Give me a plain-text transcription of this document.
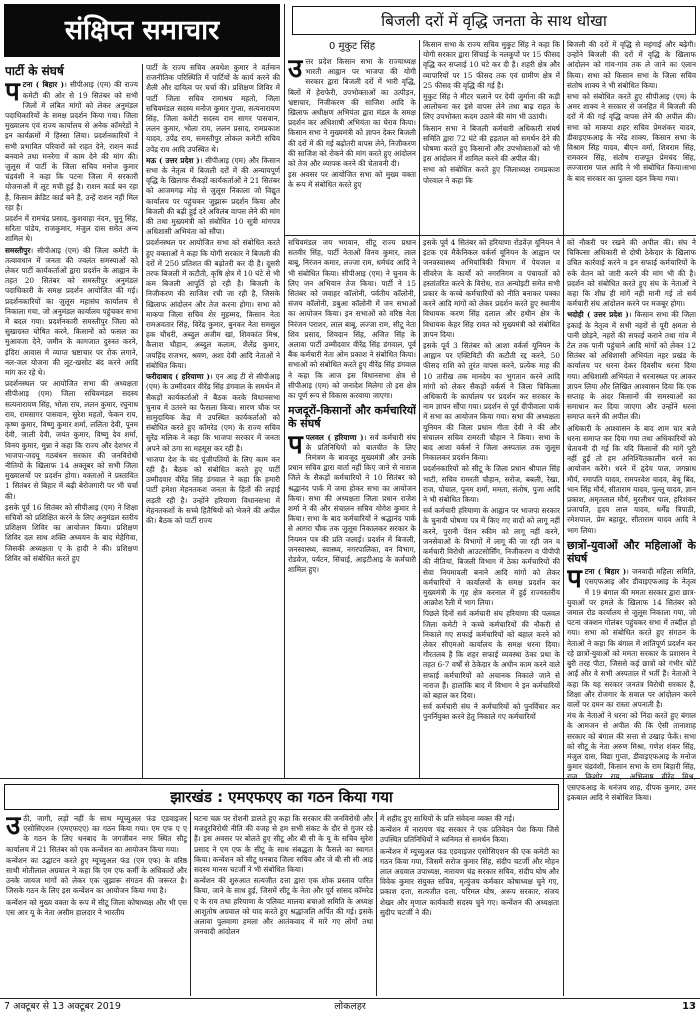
संक्षिप्त समाचार	बिजली दरों में वृद्धि जनता के साथ धोखा
पार्टी के संघर्ष

पटना ( बिहार )। सीपीआइ (एम) की राज्य कमेटी की ओर से 19 सितंबर को सभी जिलों में लंबित मांगों को लेकर अनुमंडल पदाधिकारियों के समक्ष प्रदर्शन किया गया। जिला मुख्यालय एवं राज्य कार्यालय से अनेक कॉमरेडों ने इन कार्यक्रमों में हिस्सा लिया। प्रदर्शनकारियों ने सभी प्रभावित परिवारों को राहत देने, राशन कार्ड बनवाने तथा मनरेगा में काम देने की मांग की। जुलूस में पार्टी के जिला सचिव मनोज कुमार चंद्रवंशी ने कहा कि पटना जिला में सरकारी योजनाओं में लूट मची हुई है। राशन कार्ड बन रहा है, किसान क्रेडिट कार्ड बने हैं, उन्हें राशन नहीं मिल रहा है।

प्रदर्शन में रामचंद्र प्रसाद, कुशवाहा नंदन, चुनू सिंह, सरिता पांडेय, राजकुमार, मंजुल दास समेत अन्य शामिल थे।

समस्तीपुर। सीपीआइ (एम) की जिला कमेटी के तत्वावधान में जनता की ज्वलंत समस्याओं को लेकर पार्टी कार्यकर्ताओं द्वारा प्रदर्शन के आह्वान के तहत 20 सितंबर को समस्तीपुर अनुमंडल पदाधिकारी के समक्ष प्रदर्शन आयोजित की गई। प्रदर्शनकारियों का जुलूस महासंघ कार्यालय से निकाला गया, जो अनुमंडल कार्यालय पहुंचकर सभा में बदल गया। प्रदर्शनकारी समस्तीपुर जिला को सुखाग्रस्त घोषित करने, किसानों को फसल का मुआवजा देने, जमीन के कागजात दुरुस्त करने, इंदिरा आवास में व्याप्त भ्रष्टाचार पर रोक लगाने, नल-जल योजना की लूट-खसोट बंद करने आदि मांग कर रहे थे।

प्रदर्शनस्थल पर आयोजित सभा की अध्यक्षता सीपीआइ (एम) जिला सचिवमंडल सदस्य सत्यनारायण सिंह, भोला राय, ललन कुमार, रघुनाथ राय, रामसागर पासवान, सुरेश महतो, फेकन राय, कृष्ण कुमार, विष्णु कुमार शर्मा, ललिता देवी, पूनम देवी, जाली देवी, जयंत कुमार, विष्णु देव शर्मा, विनय कुमार, मुन्ना ने कहा कि राज्य और देशभर में भाजपा-जदयू गठबंधन सरकार की जनविरोधी नीतियों के खिलाफ 14 अक्तूबर को सभी जिला मुख्यालयों पर प्रदर्शन होगा। वक्ताओं ने प्रस्तावित 1 सितंबर से बिहार में बढ़ी बेरोजगारी पर भी चर्चा की।

इसके पूर्व 16 सितंबर को सीपीआइ (एम) ने शिक्षा सचिवों को प्रशिक्षित करने के लिए अनुमंडल स्तरीय प्रशिक्षण शिविर का आयोजन किया। प्रशिक्षण शिविर दल साथ शक्ति अध्ययन के बाद मेहेगिवा, जिसकी अध्यक्षता ए के हादी ने की। प्रशिक्षण शिविर को संबोधित करते हुए

पार्टी के राज्य सचिव अवधेश कुमार ने वर्तमान राजनीतिक परिस्थिति में पार्टियों के कार्य करने की शैली और दायित्व पर चर्चा की। प्रशिक्षण शिविर में पार्टी जिला सचिव रामाश्रय महतो, जिला सचिवमंडल सदस्य मनोज कुमार गुप्ता, सत्यनारायण सिंह, जिला कमेटी सदस्य राम सागर पासवान, ललन कुमार, भोला राय, ललन प्रसाद, रामप्रकाश यादव, उपेंद्र राय, समस्तीपुर लोकल कमेटी सचिव उपेंद्र राय आदि उपस्थित थे।

मऊ ( उत्तर प्रदेश )। सीपीआइ (एम) और किसान सभा के नेतृत्व में बिजली दरों में की अन्यायपूर्ण वृद्धि के खिलाफ सैकड़ों कार्यकर्ताओं ने 21 सितंबर को आजमगढ़ मोड़ से जुलूस निकाला जो विद्युत कार्यालय पर पहुंचकर जुझारू प्रदर्शन किया और बिजली की बढ़ी हुई दरें अविलंब वापस लेने की मांग की तथा मुख्यमंत्री को संबोधित 10 सूत्री मांगपत्र अधिशासी अभियंता को सौंपा।

प्रदर्शनस्थल पर आयोजित सभा को संबोधित करते हुए वक्ताओं ने कहा कि योगी सरकार ने बिजली की दरों में 250 प्रतिशत की बढ़ोतरी कर दी है। दूसरी तरफ बिजली में कटौती, कृषि क्षेत्र में 10 घंटे से भी कम बिजली आपूर्ति हो रही है। बिजली के निजीकरण की साजिश रची जा रही है, जिसके खिलाफ आंदोलन और तेज करना होगा। सभा को माकपा जिला सचिव शेर मुहम्मद, किसान नेता रामअवतार सिंह, विरेंद्र कुमार, बुनकर नेता समसुल हक चौधरी, अब्दुल अजीम खां, शिवकांत मिश्र, कैलाश चौहान, अब्दुल कलाम, शैलेंद्र कुमार, जयहिंद राजभर, श्रवण, अशा देवी आदि नेताओं ने संबोधित किया।

फरीदाबाद ( हरियाणा )। एन आइ टी से सीपीआइ (एम) के उम्मीदवार वीरेंद्र सिंह डंगवाल के समर्थन में सैकड़ों कार्यकर्ताओं ने बैठक करके विधानसभा चुनाव में उतरने का फैसला किया। सारण चौक पर सामुदायिक केंद्र में उपस्थित कार्यकर्ताओं को संबोधित करते हुए कॉमरेड (एम) के राज्य सचिव सुरेंद्र मलिक ने कहा कि भाजपा सरकार में जनता अपने को ठगा सा महसूस कर रही है।

भाजपा देश के चंद पूंजीपतियों के लिए काम कर रही है। बैठक को संबोधित करते हुए पार्टी उम्मीदवार वीरेंद्र सिंह डंगवाल ने कहा कि हमारी पार्टी हमेशा मेहनतकश जनता के हितों की लड़ाई लड़ती रही है। उन्होंने हरियाणा विधानसभा में मेहनतकशों के सच्चे हितैषियों को भेजने की अपील की। बैठक को पार्टी राज्य

0 मुकुट सिंह

उत्तर प्रदेश किसान सभा के राज्याध्यक्ष भारती आह्वान पर भाजपा की योगी सरकार द्वारा बिजली दरों में भारी वृद्धि, बिलों में हेराफेरी, उपभोक्ताओं का उत्पीड़न, भ्रष्टाचार, निजीकरण की साजिश आदि के खिलाफ अधीक्षण अभियंता द्वारा मंडल के समक्ष प्रदर्शन कर अधिशाषी अभियंता का घेराव किया। किसान सभा ने मुख्यमंत्री को ज्ञापन देकर बिजली की दरों में की गई बढ़ोतरी वापस लेने, निजीकरण की साजिश को रोकने की मांग करते हुए आंदोलन को तेज और व्यापक करने की चेतावनी दी।

इस अवसर पर आयोजित सभा को मुख्य वक्ता के रूप में संबोधित करते हुए

किसान सभा के राज्य सचिव मुकुट सिंह ने कहा कि योगी सरकार द्वारा सिंचाई के नलकूपों पर 15 फीसद वृद्धि कर सप्लाई 10 घंटे कर दी है। शहरी क्षेत्र और व्यापारियों पर 15 फीसद तक एवं ग्रामीण क्षेत्र में 25 फीसद की वृद्धि की गई है।

मुकुट सिंह ने मीटर चलाने पर देयी जुर्माना की कड़ी आलोचना कर इसे वापस लेने तथा बाढ़ राहत के लिए उपभोक्ता कदम उठाने की मांग भी उठायी।

किसान सभा ने बिजली कर्मचारी अधिकारी संघर्ष समिति द्वारा 72 घंटे की हड़ताल को समर्थन देने की घोषणा करते हुए किसानों और उपभोक्ताओं को भी इस आंदोलन में शामिल करने की अपील की।

सभा को संबोधित करते हुए जिलाध्यक्ष रामप्रकाश पोरवाल ने कहा कि

बिजली की दरों में वृद्धि से महंगाई और बढ़ेगी। उन्होंने बिजली की दरों में वृद्धि के खिलाफ आंदोलन को गांव-गांव तक ले जाने का एलान किया। सभा को किसान सभा के जिला सचिव संतोष शाक्य ने भी संबोधित किया।

सभा को संबोधित करते हुए सीपीआइ (एम) के अमर शाक्य ने सरकार से जनहित में बिजली की दरों में की गई वृद्धि वापस लेने की अपील की। सभा को माकपा शहर सचिव प्रेमशंकर यादव, डीवाइएफआइ के नरेंद्र शाक्य, किसान सभा के विश्राम सिंह यादव, बीएन वर्मा, शिवराम सिंह, रामवरन सिंह, संतोष राजपूत प्रेमचंद सिंह, लज्जाराम पाल आदि ने भी संबोधित किया।सभा के बाद सरकार का पुतला दहन किया गया।

सचिवमंडल जय भगवान, सीटू राज्य प्रधान सतवीर सिंह, पार्टी नेताओं विनय कुमार, लाल बाबू, निरंजन कमार, लज्जा राम, धर्मचंद आदि ने भी संबोधित किया। सीपीआइ (एम) ने चुनाव के लिए जन अभियान तेज किया। पार्टी ने 15 सितंबर को जवाहर कॉलोनी, पर्वतीय कॉलोनी, संजय कॉलोनी, डबुआ कॉलोनी में जन सभाओं का आयोजन किया। इन सभाओं को वरिष्ठ नेता निरंजन पराशर, लाल बाबू, लज्जा राम, सीटू नेता शिव प्रसाद, शिवदान सिंह, अजित सिंह के अलावा पार्टी उम्मीदवार वीरेंद्र सिंह डंगवाल, पूर्व बैंक कर्मचारी नेता ओम प्रकाश ने संबोधित किया। सभाओं को संबोधित करते हुए वीरेंद्र सिंह डंगवाल ने कहा कि आज इस विधानसभा क्षेत्र से सीपीआइ (एम) को जनादेश मिलेगा तो इस क्षेत्र का पूर्ण रूप से विकास करवाया जाएगा।

मजदूरों-किसानों और कर्मचारियों के संघर्ष

पपलवल ( हरियाणा )। सर्व कर्मचारी संघ के प्रतिनिधियों को बातचीत के लिए निमंत्रण के बावजूद मुख्यमंत्री और उनके प्रधान सचिव द्वारा वार्ता नहीं किए जाने से नाराज जिले के सैकड़ों कर्मचारियों ने 10 सितंबर को श्रद्धानंद पार्क में जमा होकर सभा का आयोजन किया। सभा की अध्यक्षता जिला प्रधान राजेश शर्मा ने की और संचालन सचिव योगेश कुमार ने किया। सभा के बाद कर्मचारियों ने श्रद्धानंद पार्क से आगरा चौक तक जुलूस निकालकर सरकार के नियमन पत्र की प्रति जलाई। प्रदर्शन में बिजली, जनस्वास्थ्य, स्वास्थ्य, नगरपालिका, वन विभाग, रोडवेज, पर्यटन, सिंचाई, आइटीआइ के कर्मचारी शामिल हुए।

इसके पूर्व 4 सितंबर को हरियाणा रोडवेज़ यूनियन ने इंटक एवं मैकेनिकल वर्कर्स यूनियन के आह्वान पर जनवस्वास्थ्य अभियांत्रिकी विभाग में पेयजल व सीवरेज के कार्यों को नगरनिगम व पंचायतों को हस्तांतरित करने के विरोध, रात अन्योइटी समेत सभी प्रकार के कच्चे कर्मचारियों को नीति बनाकर पक्का करने आदि मांगों को लेकर प्रदर्शन करते हुए स्थानीय विधायक करण सिंह दलाल और हथीन क्षेत्र के विधायक केहर सिंह रावत को मुख्यमंत्री को संबोधित ज्ञापन दिया।

इसके पूर्व 3 सितंबर को आशा वर्कर्स यूनियन के आह्वान पर एक्टिविटी की कटौती रद्द करने, 50 फीसद राशि को तुरंत वापस करने, प्रत्येक माह की 10 तारीख तक मानदेय का भुगतान करने आदि मांगों को लेकर सैकड़ों वर्कर्स ने जिला चिकित्सा अधिकारी के कार्यालय पर प्रदर्शन कर सरकार के नाम ज्ञापन सौंपा गया। प्रदर्शन से पूर्व दीपीवाला पार्क में सभा का आयोजन किया गया। सभा की अध्यक्षता यूनियन की जिला प्रधान गीता देवी ने की और संचालन सचिव रामरती चौहान ने किया। सभा के बाद आशा वर्कर्स ने जिला अस्पताल तक जुलूस निकालकर प्रदर्शन किया।

प्रदर्शनकारियों को सीटू के जिला प्रधान श्रीपाल सिंह भाटी, सचिव रामरती चौहान, सरोज, बबली, रेखा, राज, पोंचाल, पूनम शर्मा, ममता, संतोष, पुजा आदि ने भी संबोधित किया।

सर्व कर्मचारी हरियाणा के आह्वान पर भाजपा सरकार के चुनावी घोषणा पत्र में किए गए वादों को लागू नहीं करने, पुरानी पेंशन स्कीम को लागू नहीं करने, जनसेवाओं के विभागों में लागू की जा रही जन व कर्मचारी विरोधी आउटसोर्सिंग, निजीकरण व पीपीपी की नीतियां, बिजली विभाग में ठेका कर्मचारियों की सेवा नियमावली बनाने आदि मांगों को लेकर कर्मचारियों ने कार्यालयों के समक्ष प्रदर्शन कर मुख्यमंत्री के गृह क्षेत्र करनाल में हुई राज्यस्तरीय आक्रोश रैली में भाग लिया।

पिछले दिनों सर्व कर्मचारी संघ हरियाणा की पलवल जिला कमेटी ने कच्चे कर्मचारियों की नौकरी से निकाले गए सफाई कर्मचारियों को बहाल करने को लेकर सीएमओ कार्यालय के समक्ष धरना दिया। गौरतलब है कि शहर सफाई व्यवस्था ठेका प्रथा के तहत 6-7 वर्षों से ठेकेदार के अधीन काम करने वाले सफाई कर्मचारियों को अचानक निकाले जाने से नाराज हैं। हालांकि बाद में विभाग ने इन कर्मचारियों को बहाल कर दिया।

सर्व कर्मचारी संघ ने कर्मचारियों को पुनर्विचार कर पुनर्नियुक्त करने हेतु निकाले गए कर्मचारियों

को नौकरी पर रखने की अपील की। संघ ने चिकित्सा अधिकारी से दोषी ठेकेदार के खिलाफ उचित कार्रवाई करने व इन सफाई कर्मचारियों के रुके वेतन को जारी करने की मांग भी की है। प्रदर्शन को संबोधित करते हुए संघ के नेताओं ने कहा कि शीघ्र ही मांगें नहीं मानी गई तो सर्व कर्मचारी संघ आंदोलन करने पर मजबूर होगा।

भदोही ( उत्तर प्रदेश )। किसान सभा की जिला इकाई के नेतृत्व में सभी नहरों से पूरी क्षमता से पानी छोड़ने, नहरों की सफाई कराने तथा गांव में टेल तक पानी पहुंचाने आदि मांगों को लेकर 12 सितंबर को अधिशासी अभियंता नहर प्रखंड के कार्यालय पर धरना देकर दिवसीय धरना दिया गया। अधिशासी अभियंता ने धरनास्थल पर आकर ज्ञापन लिया और लिखित आश्वासन दिया कि एक सप्ताह के अंदर किसानों की समस्याओं का समाधान कर दिया जाएगा और उन्होंने धरना समाप्त करने की अपील की।

अधिकारी के आश्वासन के बाद शाम चार बजे धरना समाप्त कर दिया गया तथा अधिकारियों को चेतावनी दी गई कि यदि किसानों की मांगें पूरी नहीं हुईं तो हम अनिश्चितकालीन धरने का आयोजन करेंगे। धरने में हृदेय पाल, जगन्नाथ मौर्य, रमापति यादव, रामपरवेश यादव, बेचू बिंद, भान सिंह मौर्य, सीताराम यादव, पुल्लू यादव, ज्ञान प्रकाश, अमृतलाल मौर्य, मुरलीधर पाल, हरिशंकर प्रजापति, हृदय लाल यादव, धर्मेंद्र त्रिपाठी, रमेशपाल, प्रेम बहादुर, सीताराम यादव आदि ने भाग लिया।

छात्रों-युवाओं और महिलाओं के संघर्ष

पटना ( बिहार )। जनवादी महिला समिति, एसएफआइ और डीवाइएफआइ के नेतृत्व में 19 बंगाल की ममता सरकार द्वारा छात्र-युवाओं पर हमले के खिलाफ 14 सितंबर को जमाल रोड कार्यालय से जुलूस निकाला गया, जो पटना जंक्शन गोलंबर पहुंचकर सभा में तब्दील हो गया। सभा को संबोधित करते हुए संगठन के नेताओं ने कहा कि बंगाल में शांतिपूर्ण प्रदर्शन कर रहे छात्रों-युवाओं को ममता सरकार के प्रशासन ने बुरी तरह पीटा, जिससे कई छात्रों को गंभीर चोटें आईं और वे सभी अस्पताल में भर्ती हैं। नेताओं ने कहा कि यह सरकार जनतंत्र विरोधी सरकार है, शिक्षा और रोजगार के सवाल पर आंदोलन करने वालों पर दमन का रास्ता अपनाती है।

मंच के नेताओं ने धरना को निंदा करते हुए बंगाल के आमजन से अपील की कि ऐसी तानाशाह सरकार को बंगाल की सत्ता से उखाड़ फेंकें। सभा को सीटू के नेता अरुण मिश्रा, गणेश शंकर सिंह, मंजुल दास, विद्या गुप्ता, डीवाइएफआइ के मनोज कुमार चंद्रवंशी, किसान सभा के राम बिहारी सिंह, राज किशोर राय, अभिलाष वीरेंद्र मिश्र, एसएफआइ के धनंजय शाह, दीपक कुमार, उमर इकबाल आदि ने संबोधित किया।

झारखंड : एमएफएए का गठन किया गया

उठी, जागी, लड़ो नहीं के साथ म्यूच्युअल फंड एडवाइजर एसोसिएशन (एमएफएए) का गठन किया गया। एम एफ ए ए के गठन के लिए धनबाद के जगजीवन नगर स्थित सीटू कार्यालय में 21 सितंबर को एक कन्वेंशन का आयोजन किया गया।

कन्वेंशन का उद्घाटन करते हुए म्यूच्युअल फंड (एम एफ) के वरिष्ठ साथी मोतीलाल अग्रवाल ने कहा कि एम एफ कर्मी के अधिकारों और उनके जायज मांगों को लेकर एक जुझारू संगठन की जरूरत है। जिसके गठन के लिए इस कन्वेंशन का आयोजन किया गया है।

कन्वेंशन को मुख्य वक्ता के रूप में सीटू जिला कोषाध्यक्ष और भी एस एस आर यू के नेता असीम हालदार ने भारतीय

घटना चक्र पर रोशनी डालते हुए कहा कि सरकार की जनविरोधी और मजदूरविरोधी नीति की वजह से हम सभी संकट के दौर से गुजर रहे हैं। इस अवसर पर बोलते हुए सीटू और बी सी के यू के सचिव सुरेश प्रसाद ने एम एफ के सीटू के साथ संबद्धता के फैसले का स्वागत किया। कन्वेंशन को सीटू धनबाद जिला सचिव और जे बी सी सी आइ सदस्य मानस चटर्जी ने भी संबोधित किया।

कन्वेंशन की शुरुआत सत्यजीत दत्ता द्वारा एक शोक प्रस्ताव पारित किया, जाने के साथ हुई, जिसमें सीटू के नेता और पूर्व सांसद कॉमरेड ए के राय तथा हरियाणा के पलिवट मालवा बचाओ समिति के अध्यक्ष आशुतोष अग्रवाल को याद करते हुए श्रद्धांजलि अर्पित की गई। इसके अलावा पुलवामा हमला और आतंकवाद में मारे गए लोगों तथा जनवादी आंदोलन

में शहीद हुए साथियों के प्रति संवेदना व्यक्त की गई।

कन्वेंशन में नारायण चंद्र सरकार ने एक प्रतिवेदन पेश किया जिसे उपस्थित प्रतिनिधियों ने ध्वनिमत से समर्थन किया।

कन्वेंशन में म्यूच्युअल फंड एडवाइजर एसोसिएशन की एक कमेटी का गठन किया गया, जिसमें सरोज कुमार सिंह, संदीप चटर्जी और मोहन लाल अग्रवाल उपाध्यक्ष, नारायण चंद्र सरकार सचिव, संदीप घोष और विवेक कुमार संयुक्त सचिव, मृत्युंजय कर्मकार कोषाध्यक्ष चुने गए, प्रकाश दत्ता, सत्यजीत दत्ता, परिमल घोष, अरूप सरकार, संजय शेखर और मृणाल कार्यकारी सदस्य चुने गए। कन्वेंशन की अध्यक्षता सुदीप चटर्जी ने की।

7 अक्टूबर से 13 अक्टूबर 2019	लोकलहर	13
